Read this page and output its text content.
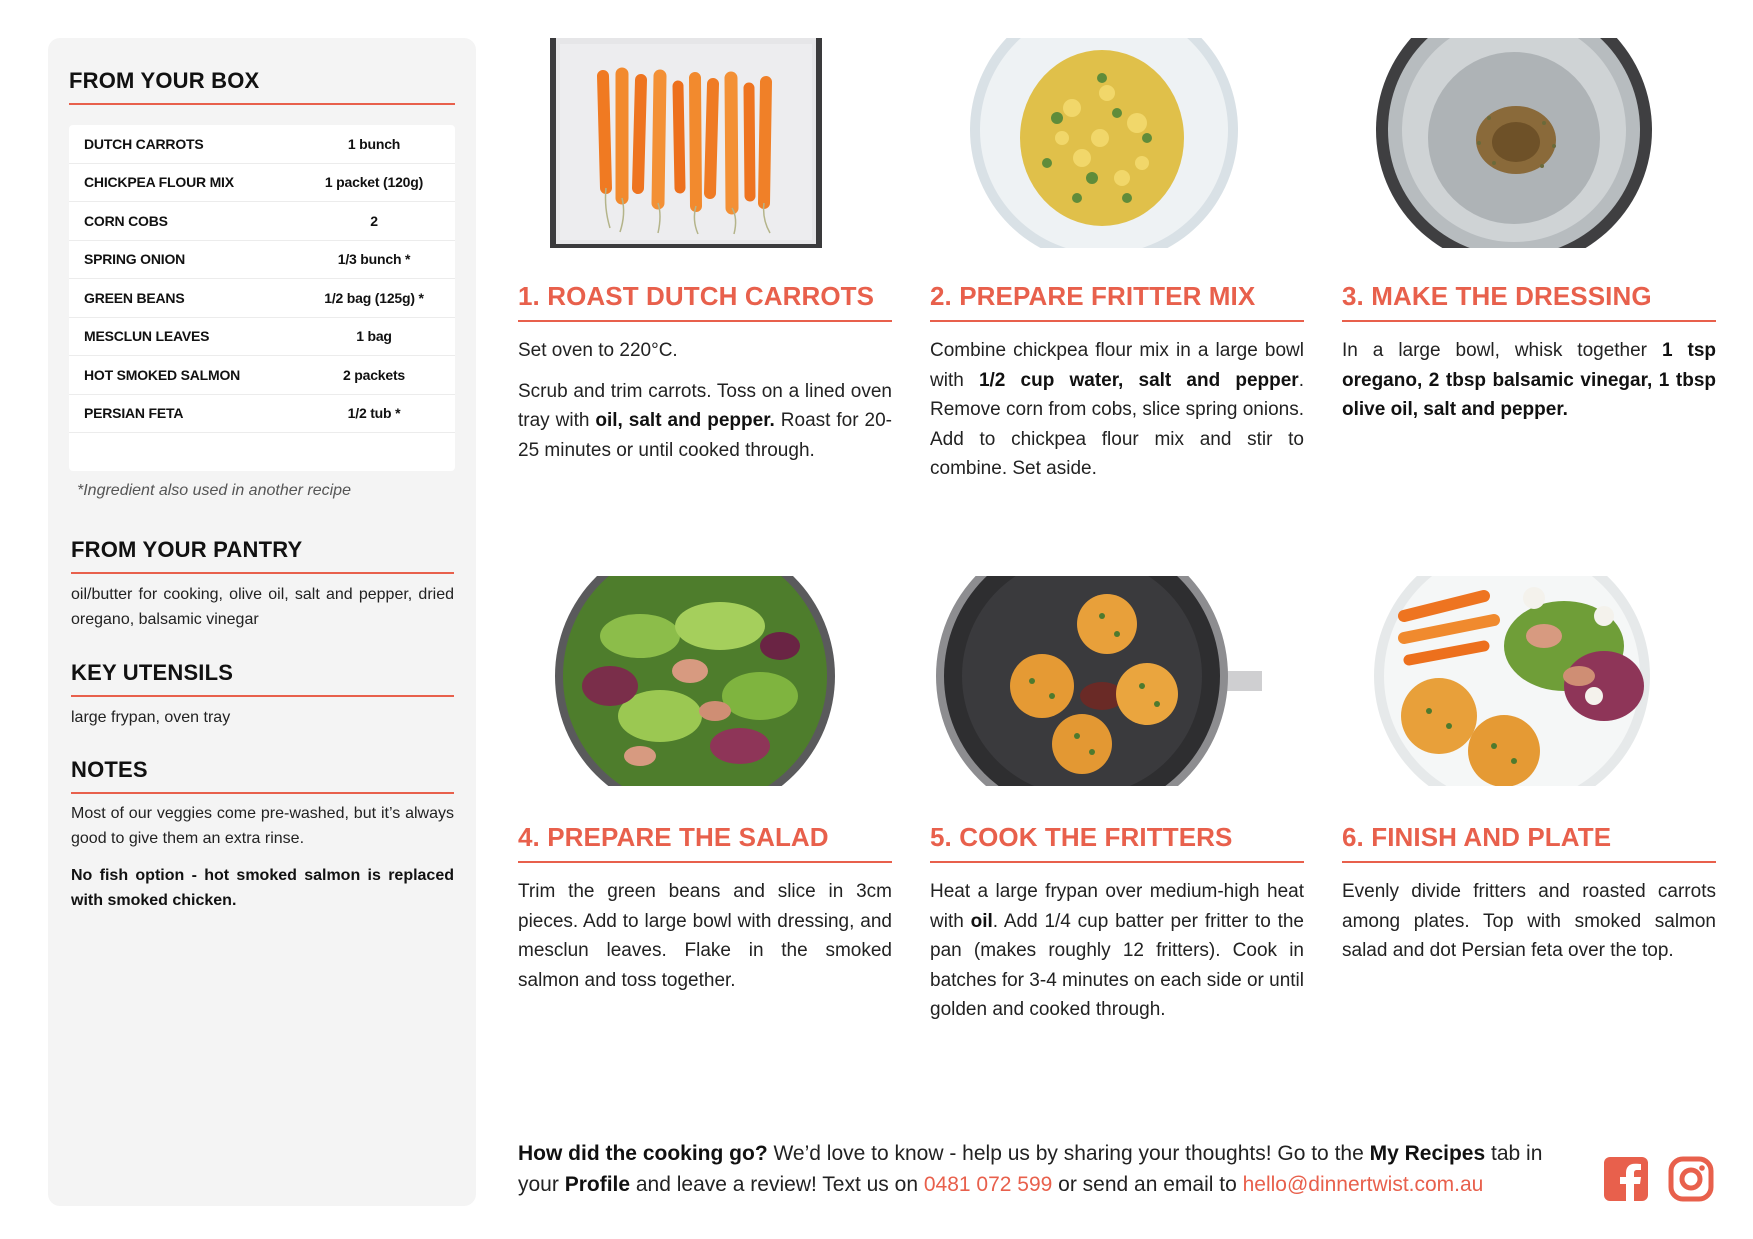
FROM YOUR BOX
DUTCH CARROTS	1 bunch
CHICKPEA FLOUR MIX	1 packet (120g)
CORN COBS	2
SPRING ONION	1/3 bunch *
GREEN BEANS	1/2 bag (125g) *
MESCLUN LEAVES	1 bag
HOT SMOKED SALMON	2 packets
PERSIAN FETA	1/2 tub *
*Ingredient also used in another recipe
FROM YOUR PANTRY
oil/butter for cooking, olive oil, salt and pepper, dried oregano, balsamic vinegar
KEY UTENSILS
large frypan, oven tray
NOTES
Most of our veggies come pre-washed, but it’s always good to give them an extra rinse.
No fish option - hot smoked salmon is replaced with smoked chicken.
1. ROAST DUTCH CARROTS

Set oven to 220°C.

Scrub and trim carrots. Toss on a lined oven tray with oil, salt and pepper. Roast for 20-25 minutes or until cooked through.

2. PREPARE FRITTER MIX

Combine chickpea flour mix in a large bowl with 1/2 cup water, salt and pepper. Remove corn from cobs, slice spring onions. Add to chickpea flour mix and stir to combine. Set aside.

3. MAKE THE DRESSING

In a large bowl, whisk together 1 tsp oregano, 2 tbsp balsamic vinegar, 1 tbsp olive oil, salt and pepper.

4. PREPARE THE SALAD

Trim the green beans and slice in 3cm pieces. Add to large bowl with dressing, and mesclun leaves. Flake in the smoked salmon and toss together.

5. COOK THE FRITTERS

Heat a large frypan over medium-high heat with oil. Add 1/4 cup batter per fritter to the pan (makes roughly 12 fritters). Cook in batches for 3-4 minutes on each side or until golden and cooked through.

6. FINISH AND PLATE

Evenly divide fritters and roasted carrots among plates. Top with smoked salmon salad and dot Persian feta over the top.

How did the cooking go? We’d love to know - help us by sharing your thoughts! Go to the My Recipes tab in your Profile and leave a review! Text us on 0481 072 599 or send an email to hello@dinnertwist.com.au
